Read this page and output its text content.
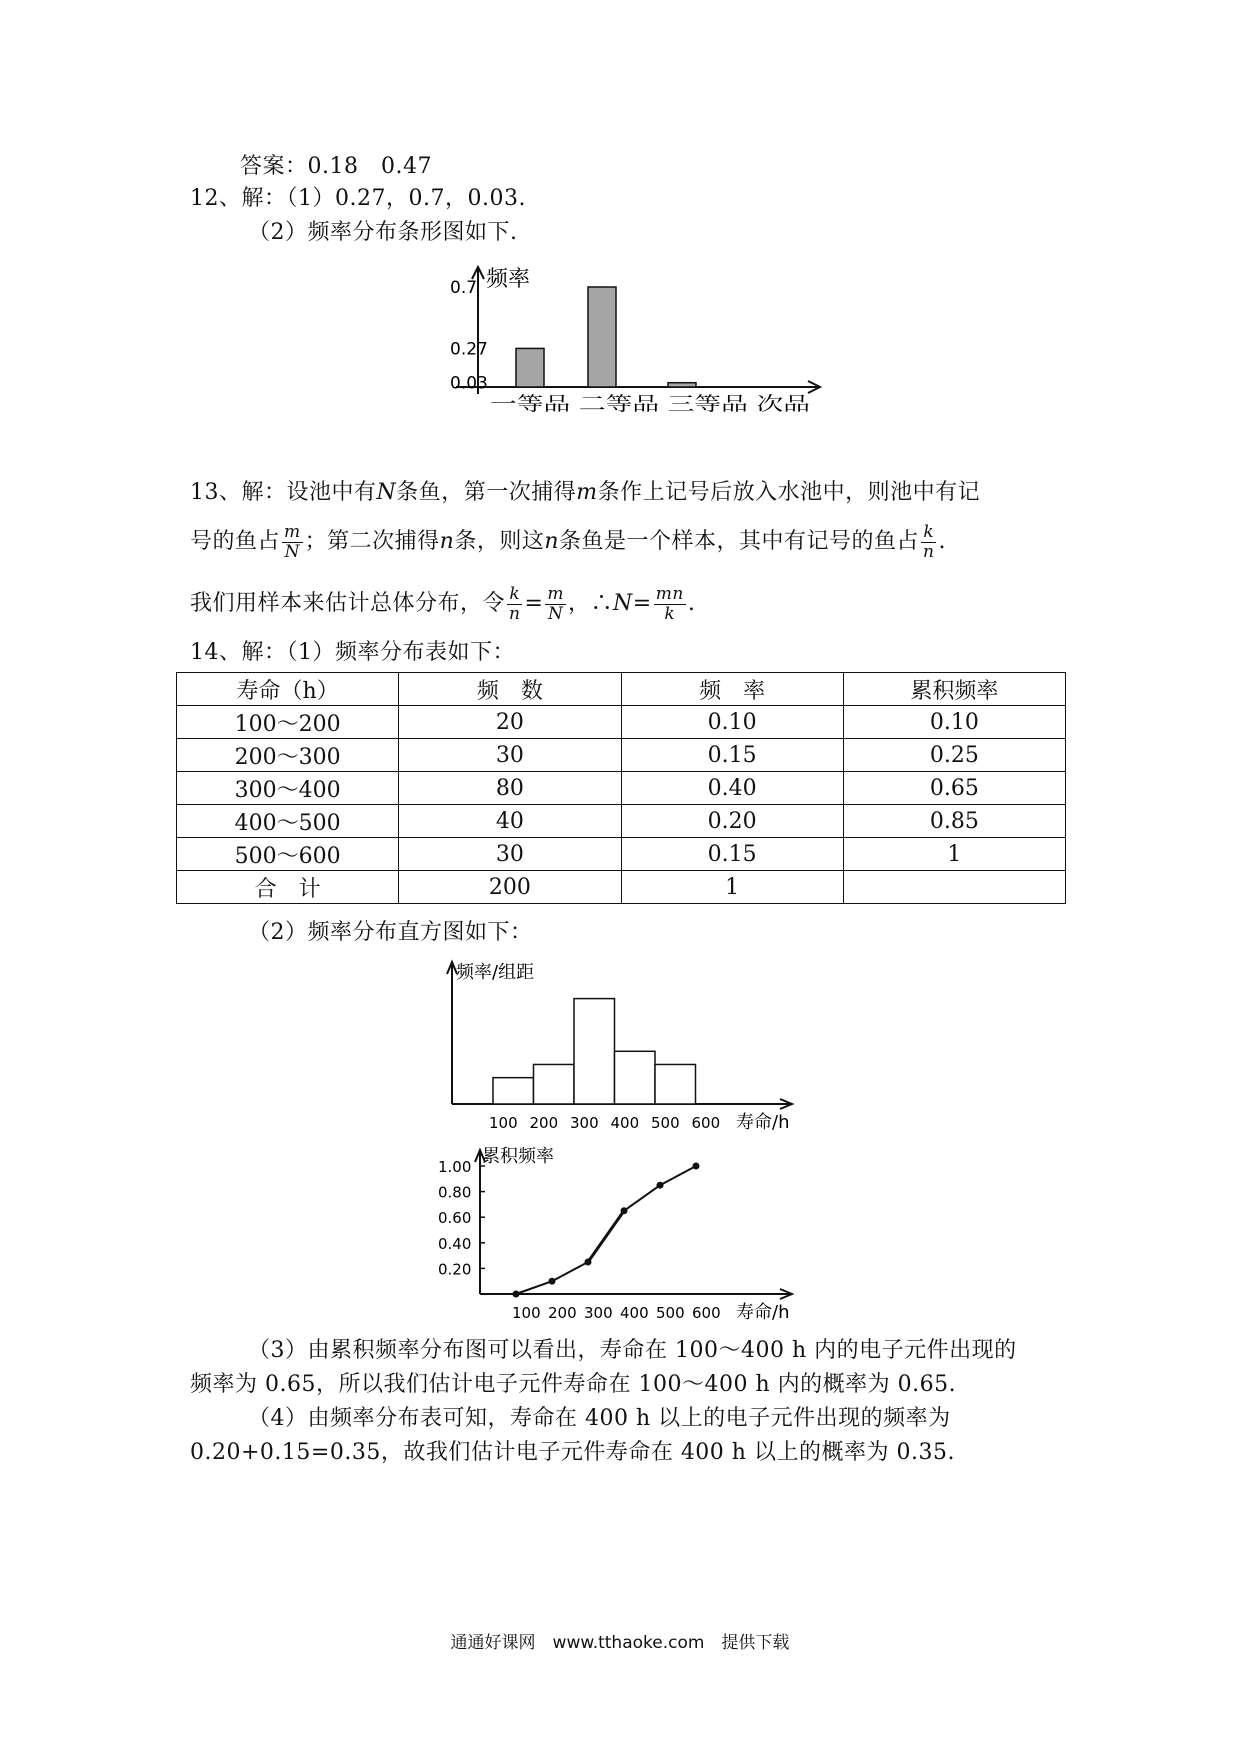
答案：0.18　0.47
12、解：（1）0.27，0.7，0.03.
（2）频率分布条形图如下.
频率
0.7
0.27
0.03
一等品 二等品 三等品 次品
13、解：设池中有N条鱼，第一次捕得m条作上记号后放入水池中，则池中有记
号的鱼占 $\frac{m}{N}$ ；第二次捕得n条，则这n条鱼是一个样本，其中有记号的鱼占 $\frac{k}{n}$ .
我们用样本来估计总体分布，令 $\frac{k}{n} = \frac{m}{N}$ ，∴N= $\frac{mn}{k}$ .
14、解：（1）频率分布表如下：
寿命（h）	频　数	频　率	累积频率
100～200	20	0.10	0.10
200～300	30	0.15	0.25
300～400	80	0.40	0.65
400～500	40	0.20	0.85
500～600	30	0.15	1
合　计	200	1	
（2）频率分布直方图如下：
频率/组距
100 200 300 400 500 600 寿命/h
累积频率
1.00
0.80
0.60
0.40
0.20
100 200 300 400 500 600 寿命/h
（3）由累积频率分布图可以看出，寿命在 100～400 h 内的电子元件出现的
频率为 0.65，所以我们估计电子元件寿命在 100～400 h 内的概率为 0.65.
（4）由频率分布表可知，寿命在 400 h 以上的电子元件出现的频率为
0.20+0.15=0.35，故我们估计电子元件寿命在 400 h 以上的概率为 0.35.
通通好课网　www.tthaoke.com　提供下载
